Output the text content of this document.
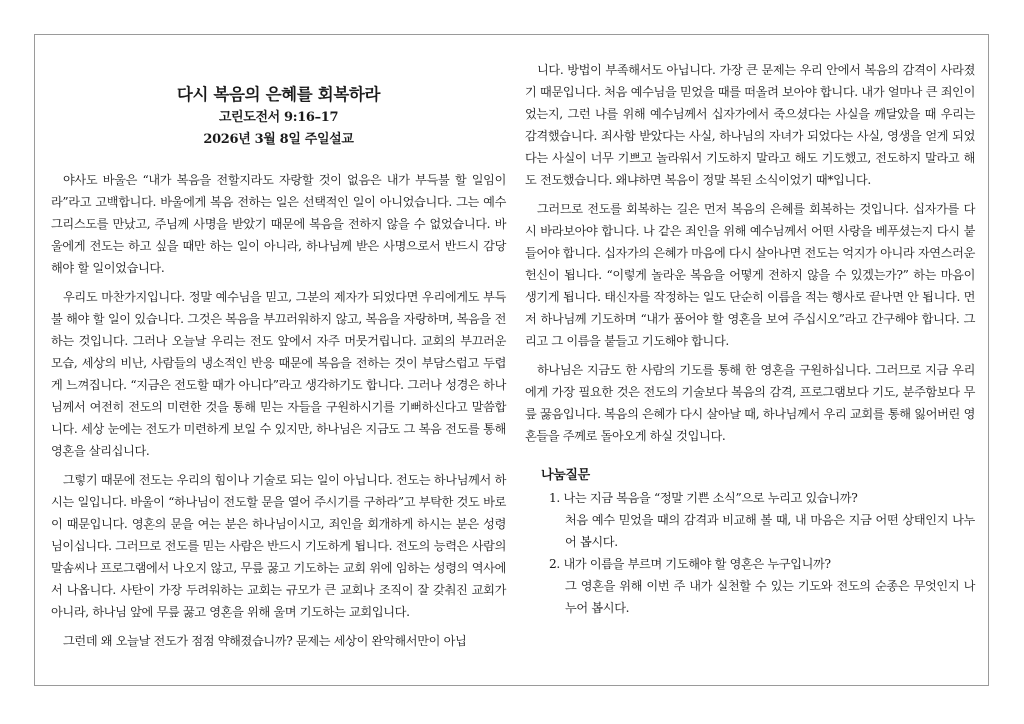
다시 복음의 은혜를 회복하라
고린도전서 9:16–17
2026년 3월 8일 주일설교

야사도 바울은 “내가 복음을 전할지라도 자랑할 것이 없음은 내가 부득불 할 일임이라”라고 고백합니다. 바울에게 복음 전하는 일은 선택적인 일이 아니었습니다. 그는 예수 그리스도를 만났고, 주님께 사명을 받았기 때문에 복음을 전하지 않을 수 없었습니다. 바울에게 전도는 하고 싶을 때만 하는 일이 아니라, 하나님께 받은 사명으로서 반드시 감당해야 할 일이었습니다.

우리도 마찬가지입니다. 정말 예수님을 믿고, 그분의 제자가 되었다면 우리에게도 부득불 해야 할 일이 있습니다. 그것은 복음을 부끄러워하지 않고, 복음을 자랑하며, 복음을 전하는 것입니다. 그러나 오늘날 우리는 전도 앞에서 자주 머뭇거립니다. 교회의 부끄러운 모습, 세상의 비난, 사람들의 냉소적인 반응 때문에 복음을 전하는 것이 부담스럽고 두렵게 느껴집니다. “지금은 전도할 때가 아니다”라고 생각하기도 합니다. 그러나 성경은 하나님께서 여전히 전도의 미련한 것을 통해 믿는 자들을 구원하시기를 기뻐하신다고 말씀합니다. 세상 눈에는 전도가 미련하게 보일 수 있지만, 하나님은 지금도 그 복음 전도를 통해 영혼을 살리십니다.

그렇기 때문에 전도는 우리의 힘이나 기술로 되는 일이 아닙니다. 전도는 하나님께서 하시는 일입니다. 바울이 “하나님이 전도할 문을 열어 주시기를 구하라”고 부탁한 것도 바로 이 때문입니다. 영혼의 문을 여는 분은 하나님이시고, 죄인을 회개하게 하시는 분은 성령님이십니다. 그러므로 전도를 믿는 사람은 반드시 기도하게 됩니다. 전도의 능력은 사람의 말솜씨나 프로그램에서 나오지 않고, 무릎 꿇고 기도하는 교회 위에 임하는 성령의 역사에서 나옵니다. 사탄이 가장 두려워하는 교회는 규모가 큰 교회나 조직이 잘 갖춰진 교회가 아니라, 하나님 앞에 무릎 꿇고 영혼을 위해 울며 기도하는 교회입니다.

그런데 왜 오늘날 전도가 점점 약해졌습니까? 문제는 세상이 완악해서만이 아닙

니다. 방법이 부족해서도 아닙니다. 가장 큰 문제는 우리 안에서 복음의 감격이 사라졌기 때문입니다. 처음 예수님을 믿었을 때를 떠올려 보아야 합니다. 내가 얼마나 큰 죄인이었는지, 그런 나를 위해 예수님께서 십자가에서 죽으셨다는 사실을 깨달았을 때 우리는 감격했습니다. 죄사함 받았다는 사실, 하나님의 자녀가 되었다는 사실, 영생을 얻게 되었다는 사실이 너무 기쁘고 놀라워서 기도하지 말라고 해도 기도했고, 전도하지 말라고 해도 전도했습니다. 왜냐하면 복음이 정말 복된 소식이었기 때*입니다.

그러므로 전도를 회복하는 길은 먼저 복음의 은혜를 회복하는 것입니다. 십자가를 다시 바라보아야 합니다. 나 같은 죄인을 위해 예수님께서 어떤 사랑을 베푸셨는지 다시 붙들어야 합니다. 십자가의 은혜가 마음에 다시 살아나면 전도는 억지가 아니라 자연스러운 헌신이 됩니다. “이렇게 놀라운 복음을 어떻게 전하지 않을 수 있겠는가?” 하는 마음이 생기게 됩니다. 태신자를 작정하는 일도 단순히 이름을 적는 행사로 끝나면 안 됩니다. 먼저 하나님께 기도하며 “내가 품어야 할 영혼을 보여 주십시오”라고 간구해야 합니다. 그리고 그 이름을 붙들고 기도해야 합니다.

하나님은 지금도 한 사람의 기도를 통해 한 영혼을 구원하십니다. 그러므로 지금 우리에게 가장 필요한 것은 전도의 기술보다 복음의 감격, 프로그램보다 기도, 분주함보다 무릎 꿇음입니다. 복음의 은혜가 다시 살아날 때, 하나님께서 우리 교회를 통해 잃어버린 영혼들을 주께로 돌아오게 하실 것입니다.

나눔질문
1. 나는 지금 복음을 “정말 기쁜 소식”으로 누리고 있습니까?
처음 예수 믿었을 때의 감격과 비교해 볼 때, 내 마음은 지금 어떤 상태인지 나누어 봅시다.
2. 내가 이름을 부르며 기도해야 할 영혼은 누구입니까?
그 영혼을 위해 이번 주 내가 실천할 수 있는 기도와 전도의 순종은 무엇인지 나누어 봅시다.
